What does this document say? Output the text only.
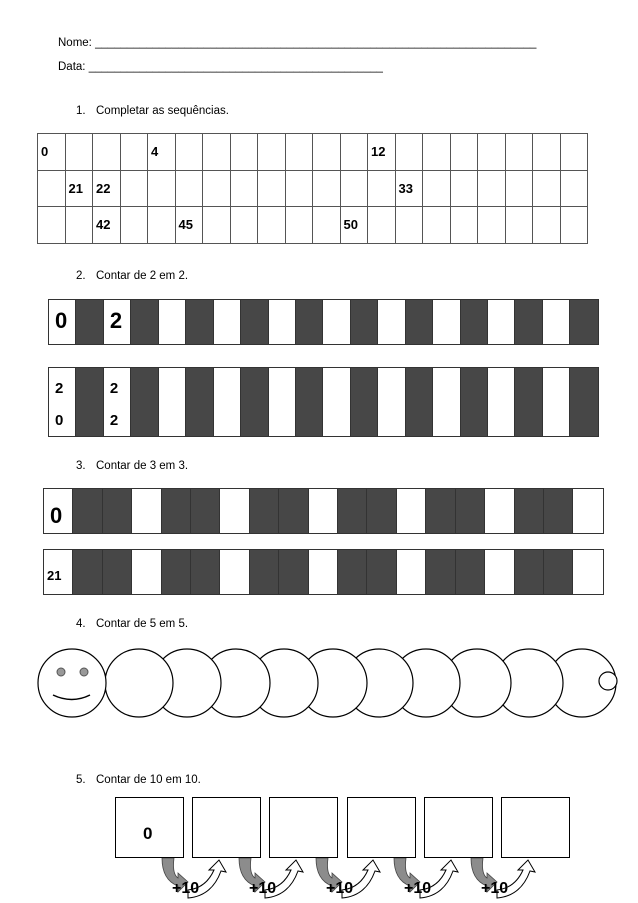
Nome: _____________________________________________________________________
Data: ______________________________________________
1. Completar as sequências.
0				4								12							
	21	22											33						
		42			45						50								
2. Contar de 2 em 2.
0 2
2
0
2
2
3. Contar de 3 em 3.
0
21
4. Contar de 5 em 5.
5. Contar de 10 em 10.
0
+10	+10	+10	+10	+10
